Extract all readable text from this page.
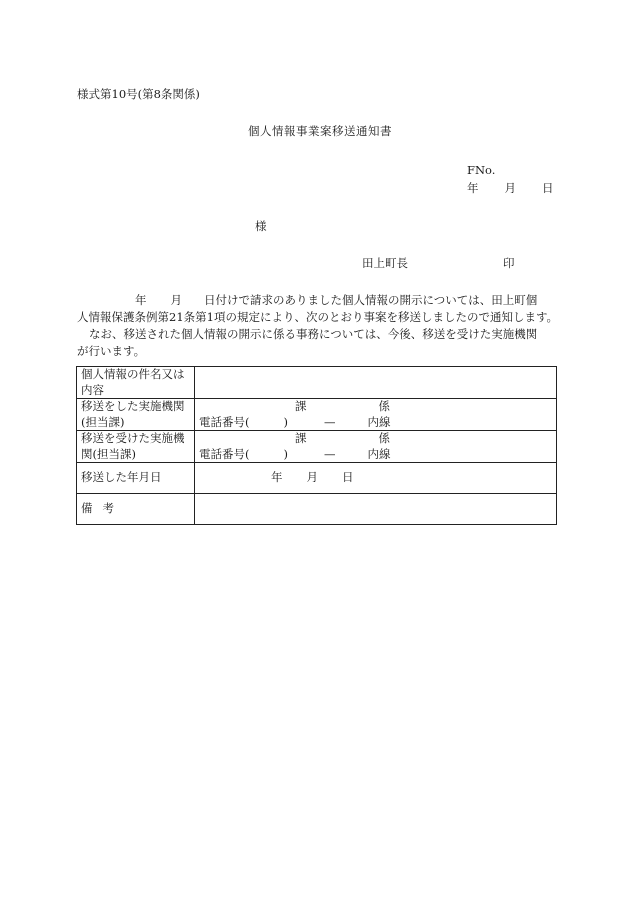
様式第10号(第8条関係)
個人情報事業案移送通知書
FNo.
年 月 日
様
田上町長	印
年 月 日付けで請求のありました個人情報の開示については、田上町個
人情報保護条例第21条第1項の規定により、次のとおり事案を移送しましたので通知します。
なお、移送された個人情報の開示に係る事務については、今後、移送を受けた実施機関
が行います。
個人情報の件名又は
内容	

移送をした実施機関
(担当課)	課 係
電話番号( ) — 内線

移送を受けた実施機
関(担当課)	課 係
電話番号( ) — 内線

移送した年月日	年 月 日
備考	
